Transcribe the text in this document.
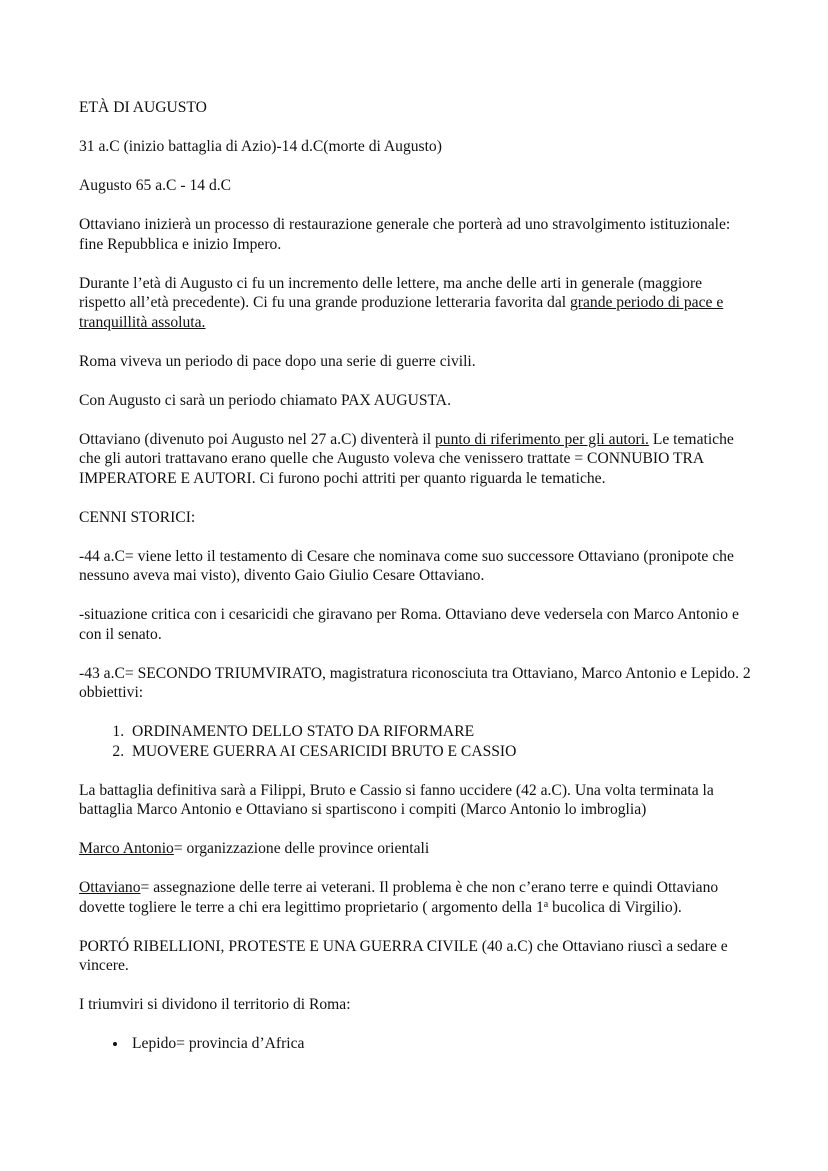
ETÀ DI AUGUSTO

31 a.C (inizio battaglia di Azio)-14 d.C(morte di Augusto)

Augusto 65 a.C - 14 d.C

Ottaviano inizierà un processo di restaurazione generale che porterà ad uno stravolgimento istituzionale: fine Repubblica e inizio Impero.

Durante l’età di Augusto ci fu un incremento delle lettere, ma anche delle arti in generale (maggiore rispetto all’età precedente). Ci fu una grande produzione letteraria favorita dal grande periodo di pace e tranquillità assoluta.

Roma viveva un periodo di pace dopo una serie di guerre civili.

Con Augusto ci sarà un periodo chiamato PAX AUGUSTA.

Ottaviano (divenuto poi Augusto nel 27 a.C) diventerà il punto di riferimento per gli autori. Le tematiche che gli autori trattavano erano quelle che Augusto voleva che venissero trattate = CONNUBIO TRA IMPERATORE E AUTORI. Ci furono pochi attriti per quanto riguarda le tematiche.

CENNI STORICI:

-44 a.C= viene letto il testamento di Cesare che nominava come suo successore Ottaviano (pronipote che nessuno aveva mai visto), divento Gaio Giulio Cesare Ottaviano.

-situazione critica con i cesaricidi che giravano per Roma. Ottaviano deve vedersela con Marco Antonio e con il senato.

-43 a.C= SECONDO TRIUMVIRATO, magistratura riconosciuta tra Ottaviano, Marco Antonio e Lepido. 2 obbiettivi:

1. ORDINAMENTO DELLO STATO DA RIFORMARE
2. MUOVERE GUERRA AI CESARICIDI BRUTO E CASSIO

La battaglia definitiva sarà a Filippi, Bruto e Cassio si fanno uccidere (42 a.C). Una volta terminata la battaglia Marco Antonio e Ottaviano si spartiscono i compiti (Marco Antonio lo imbroglia)

Marco Antonio= organizzazione delle province orientali

Ottaviano= assegnazione delle terre ai veterani. Il problema è che non c’erano terre e quindi Ottaviano dovette togliere le terre a chi era legittimo proprietario ( argomento della 1$^a$ bucolica di Virgilio).

PORTÓ RIBELLIONI, PROTESTE E UNA GUERRA CIVILE (40 a.C) che Ottaviano riuscì a sedare e vincere.

I triumviri si dividono il territorio di Roma:

• Lepido= provincia d’Africa
